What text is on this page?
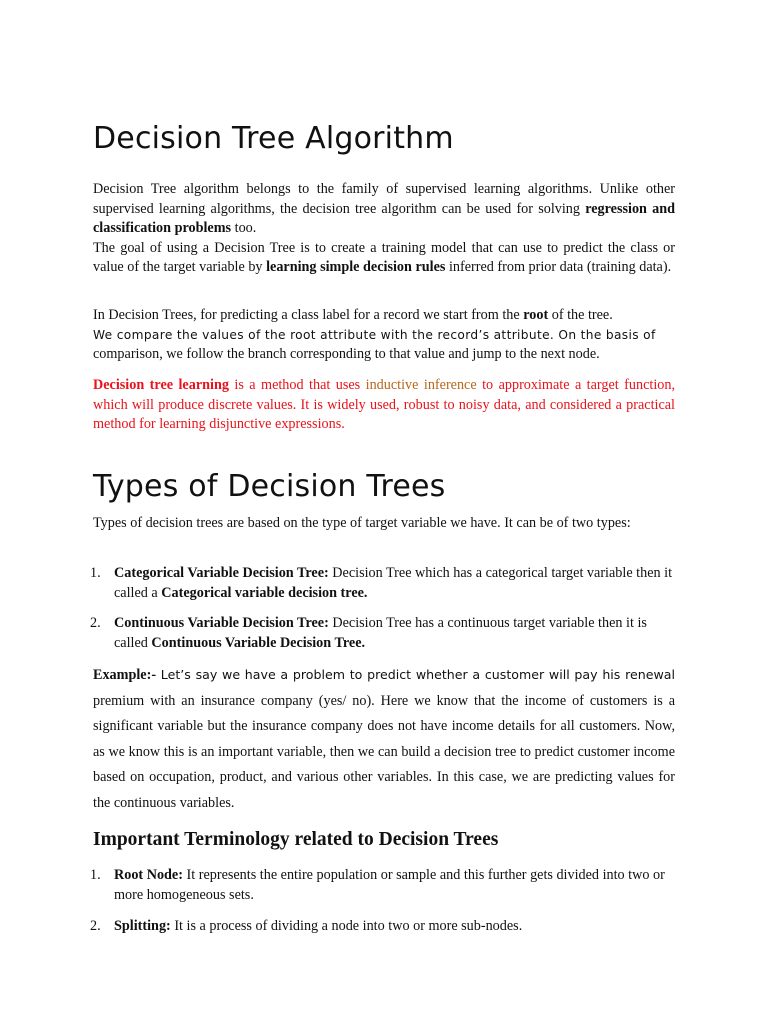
Decision Tree Algorithm
Decision Tree algorithm belongs to the family of supervised learning algorithms. Unlike other supervised learning algorithms, the decision tree algorithm can be used for solving regression and classification problems too.
The goal of using a Decision Tree is to create a training model that can use to predict the class or value of the target variable by learning simple decision rules inferred from prior data (training data).
In Decision Trees, for predicting a class label for a record we start from the root of the tree.
We compare the values of the root attribute with the record’s attribute. On the basis of
comparison, we follow the branch corresponding to that value and jump to the next node.
Decision tree learning is a method that uses inductive inference to approximate a target function, which will produce discrete values. It is widely used, robust to noisy data, and considered a practical method for learning disjunctive expressions.
Types of Decision Trees
Types of decision trees are based on the type of target variable we have. It can be of two types:
1. Categorical Variable Decision Tree: Decision Tree which has a categorical target variable then it called a Categorical variable decision tree.
2. Continuous Variable Decision Tree: Decision Tree has a continuous target variable then it is called Continuous Variable Decision Tree.
Example:- Let’s say we have a problem to predict whether a customer will pay his renewal premium with an insurance company (yes/ no). Here we know that the income of customers is a significant variable but the insurance company does not have income details for all customers. Now, as we know this is an important variable, then we can build a decision tree to predict customer income based on occupation, product, and various other variables. In this case, we are predicting values for the continuous variables.
Important Terminology related to Decision Trees
1. Root Node: It represents the entire population or sample and this further gets divided into two or more homogeneous sets.
2. Splitting: It is a process of dividing a node into two or more sub-nodes.
